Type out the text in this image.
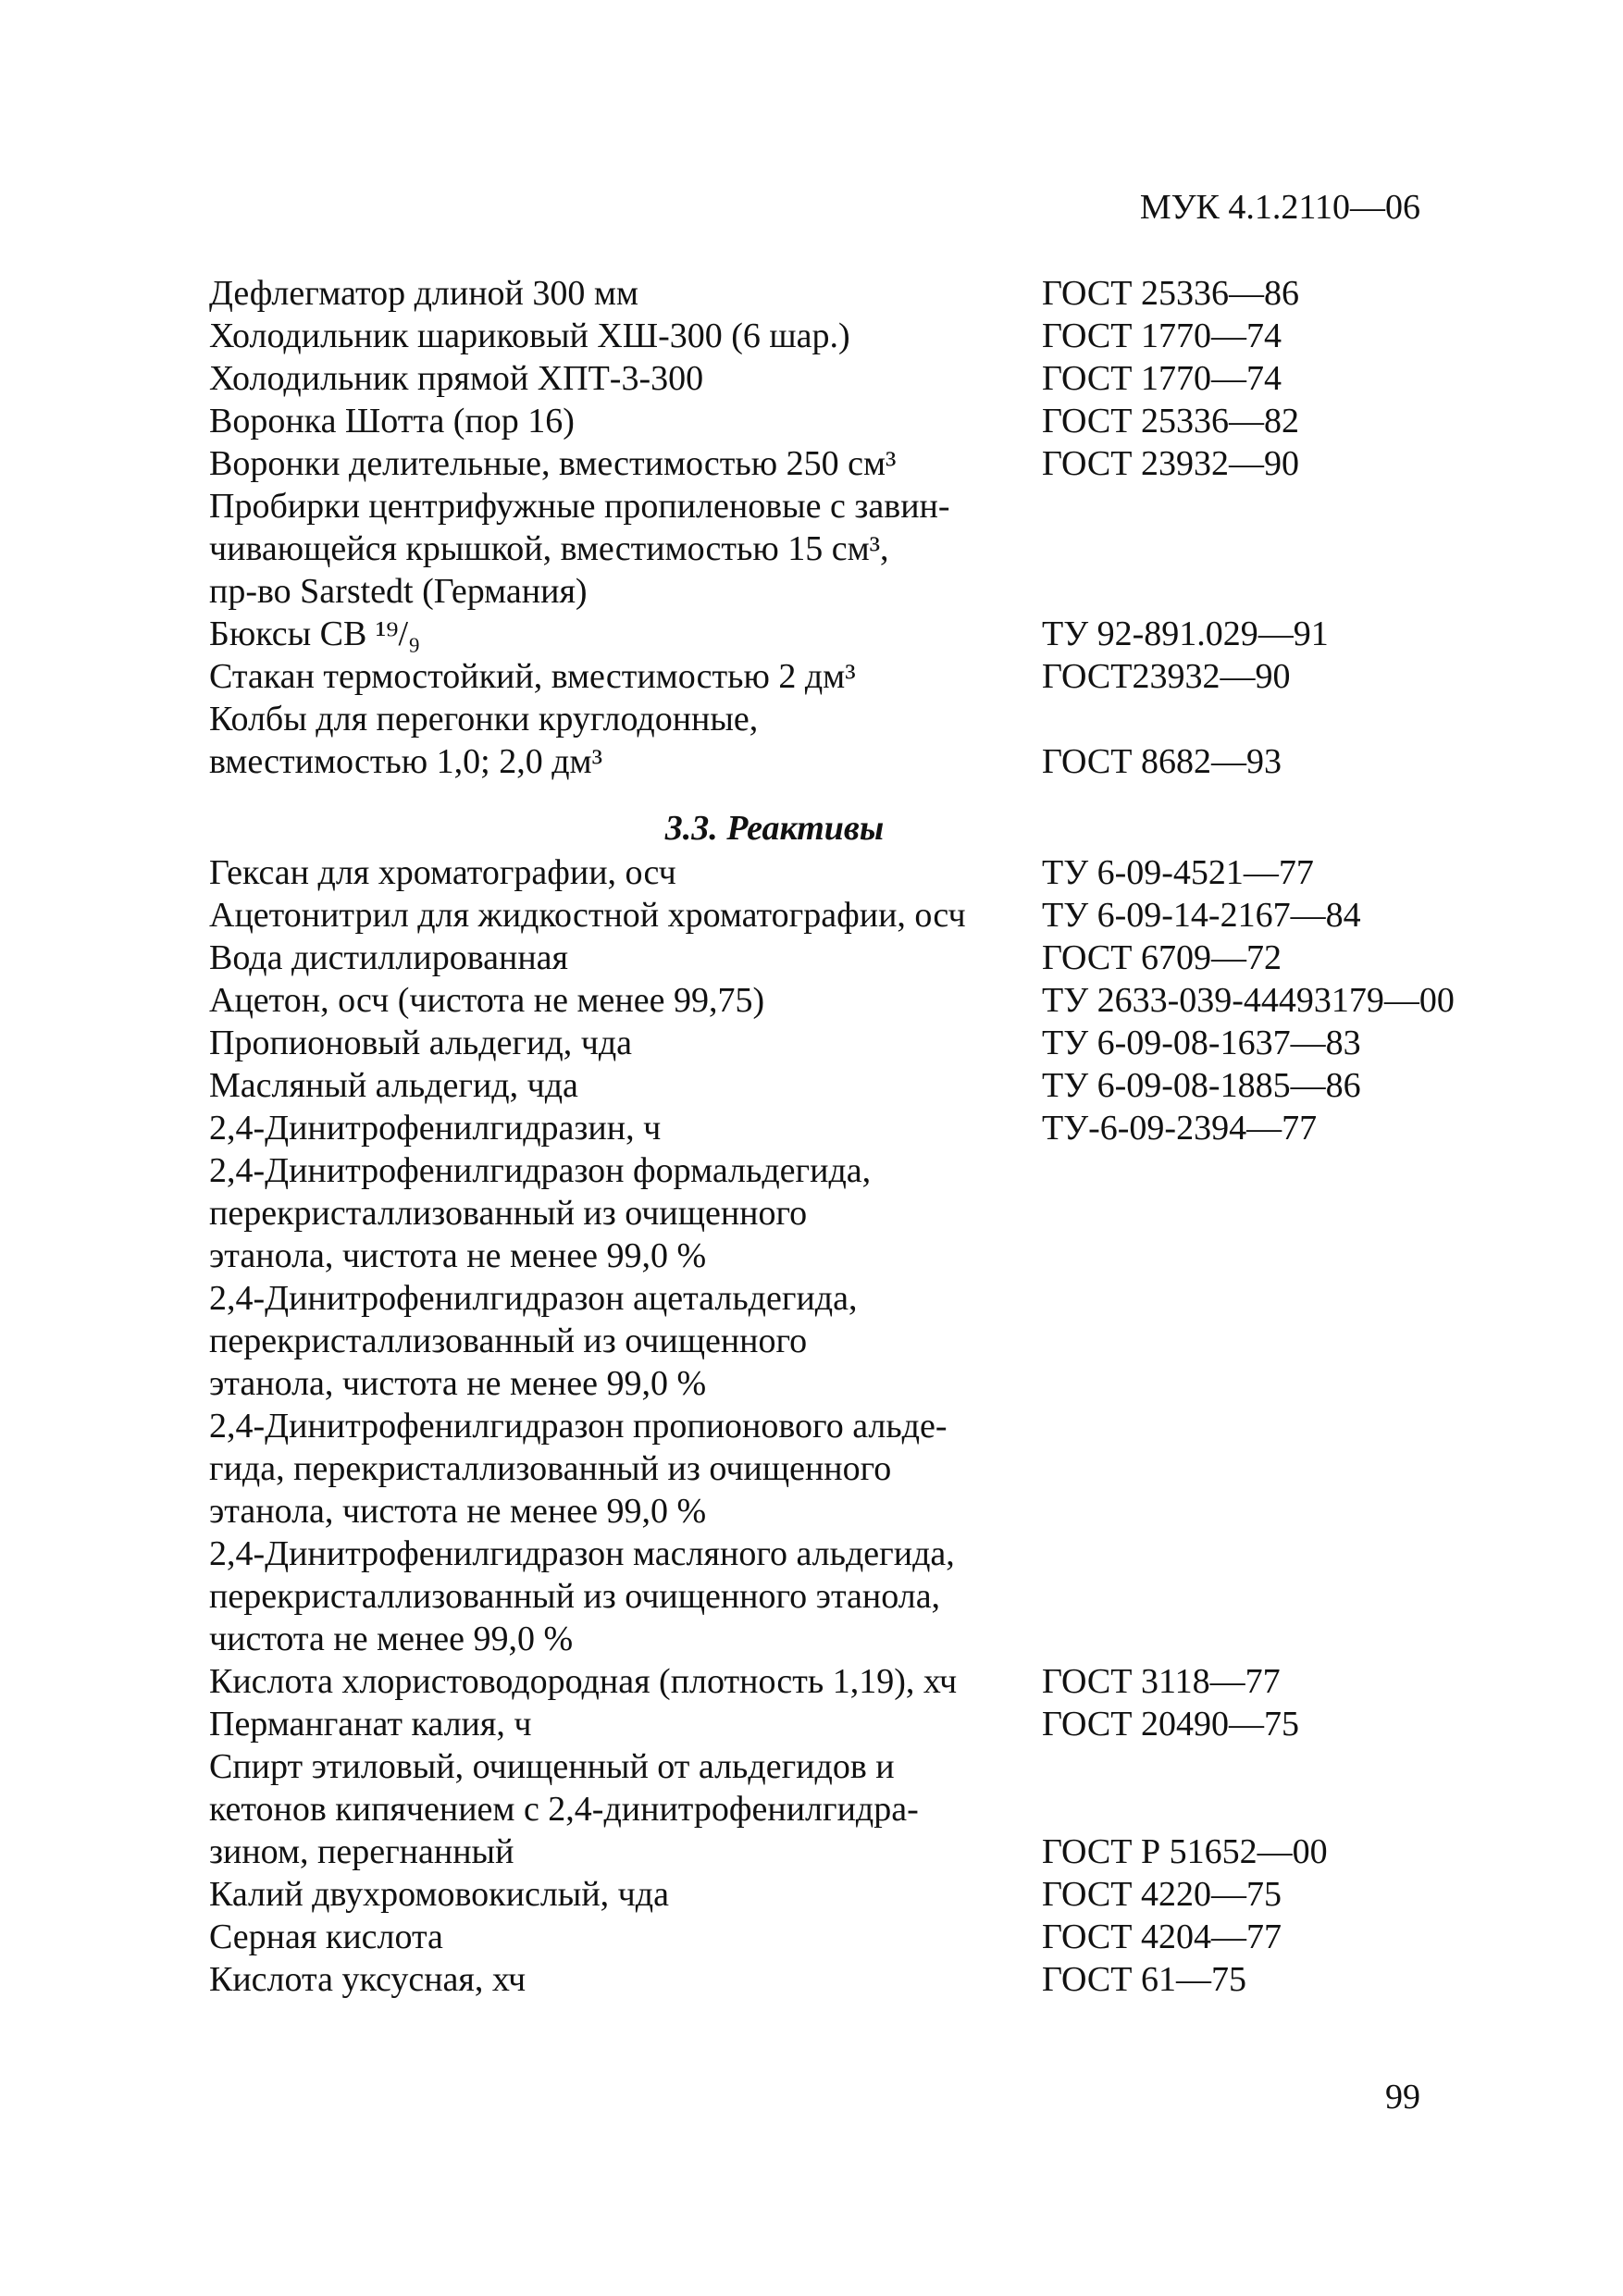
МУК 4.1.2110—06
Дефлегматор длиной 300 мм	ГОСТ 25336—86
Холодильник шариковый ХШ-300 (6 шар.)	ГОСТ 1770—74
Холодильник прямой ХПТ-3-300	ГОСТ 1770—74
Воронка Шотта (пор 16)	ГОСТ 25336—82
Воронки делительные, вместимостью 250 см³	ГОСТ 23932—90
Пробирки центрифужные пропиленовые с завин-
чивающейся крышкой, вместимостью 15 см³,
пр-во Sarstedt (Германия)
Бюксы СВ ¹⁹/₉	ТУ 92-891.029—91
Стакан термостойкий, вместимостью 2 дм³	ГОСТ23932—90
Колбы для перегонки круглодонные,
вместимостью 1,0; 2,0 дм³	ГОСТ 8682—93
3.3. Реактивы
Гексан для хроматографии, осч	ТУ 6-09-4521—77
Ацетонитрил для жидкостной хроматографии, осч	ТУ 6-09-14-2167—84
Вода дистиллированная	ГОСТ 6709—72
Ацетон, осч (чистота не менее 99,75)	ТУ 2633-039-44493179—00
Пропионовый альдегид, чда	ТУ 6-09-08-1637—83
Масляный альдегид, чда	ТУ 6-09-08-1885—86
2,4-Динитрофенилгидразин, ч	ТУ-6-09-2394—77
2,4-Динитрофенилгидразон формальдегида,
перекристаллизованный из очищенного
этанола, чистота не менее 99,0 %
2,4-Динитрофенилгидразон ацетальдегида,
перекристаллизованный из очищенного
этанола, чистота не менее 99,0 %
2,4-Динитрофенилгидразон пропионового альде-
гида, перекристаллизованный из очищенного
этанола, чистота не менее 99,0 %
2,4-Динитрофенилгидразон масляного альдегида,
перекристаллизованный из очищенного этанола,
чистота не менее 99,0 %
Кислота хлористоводородная (плотность 1,19), хч	ГОСТ 3118—77
Перманганат калия, ч	ГОСТ 20490—75
Спирт этиловый, очищенный от альдегидов и
кетонов кипячением с 2,4-динитрофенилгидра-
зином, перегнанный	ГОСТ Р 51652—00
Калий двухромовокислый, чда	ГОСТ 4220—75
Серная кислота	ГОСТ 4204—77
Кислота уксусная, хч	ГОСТ 61—75
99
